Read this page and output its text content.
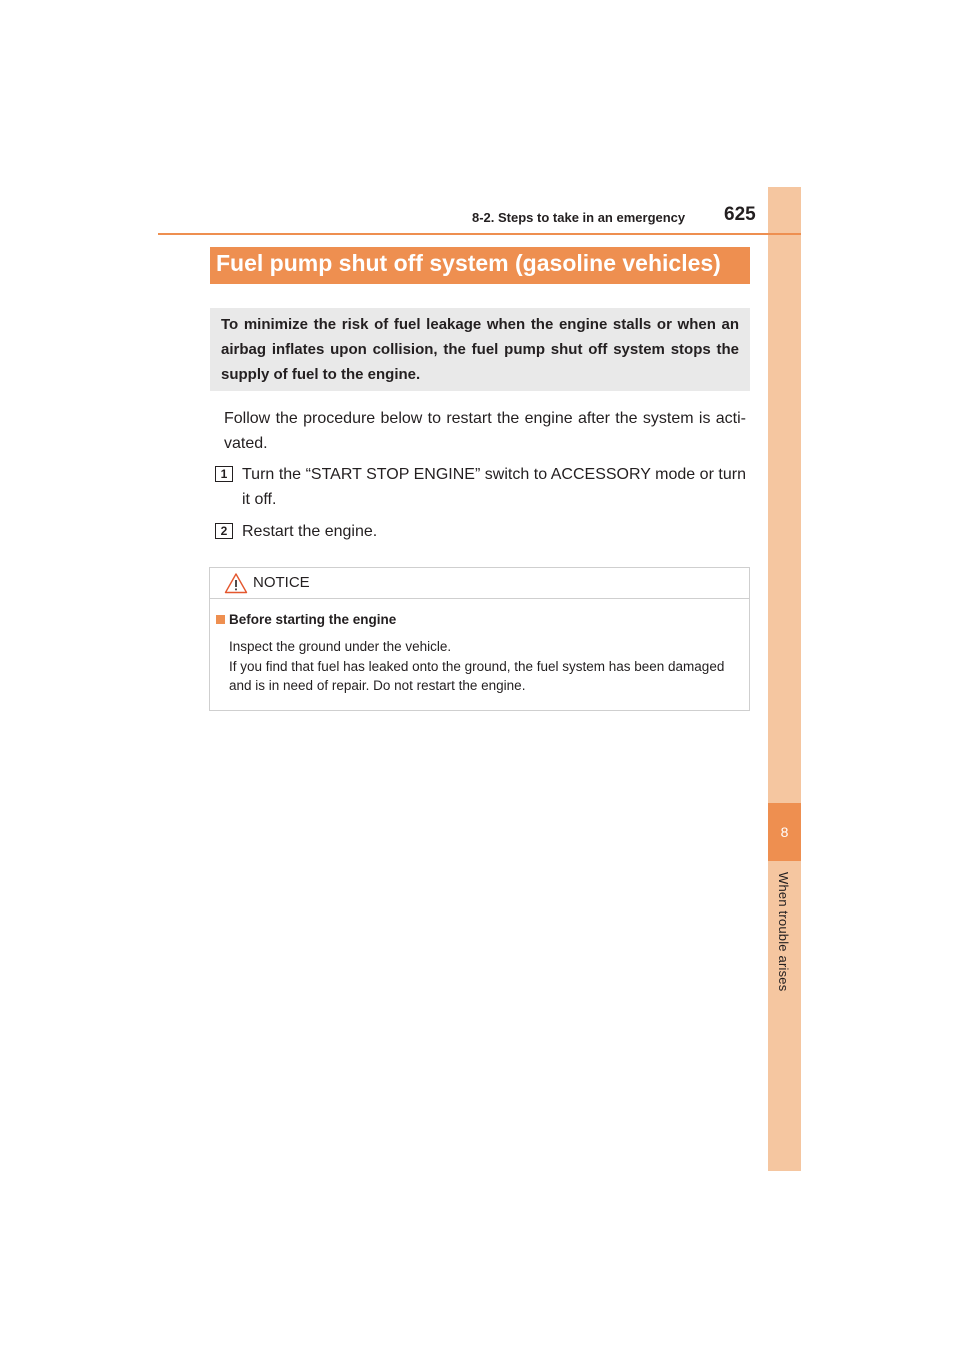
8
When trouble arises
8-2. Steps to take in an emergency 625
Fuel pump shut off system (gasoline vehicles)
To minimize the risk of fuel leakage when the engine stalls or when an airbag inflates upon collision, the fuel pump shut off system stops the supply of fuel to the engine.
Follow the procedure below to restart the engine after the system is acti-vated.
1 Turn the “START STOP ENGINE” switch to ACCESSORY mode or turn it off.
2 Restart the engine.
NOTICE
Before starting the engine
Inspect the ground under the vehicle.
If you find that fuel has leaked onto the ground, the fuel system has been damaged and is in need of repair. Do not restart the engine.
